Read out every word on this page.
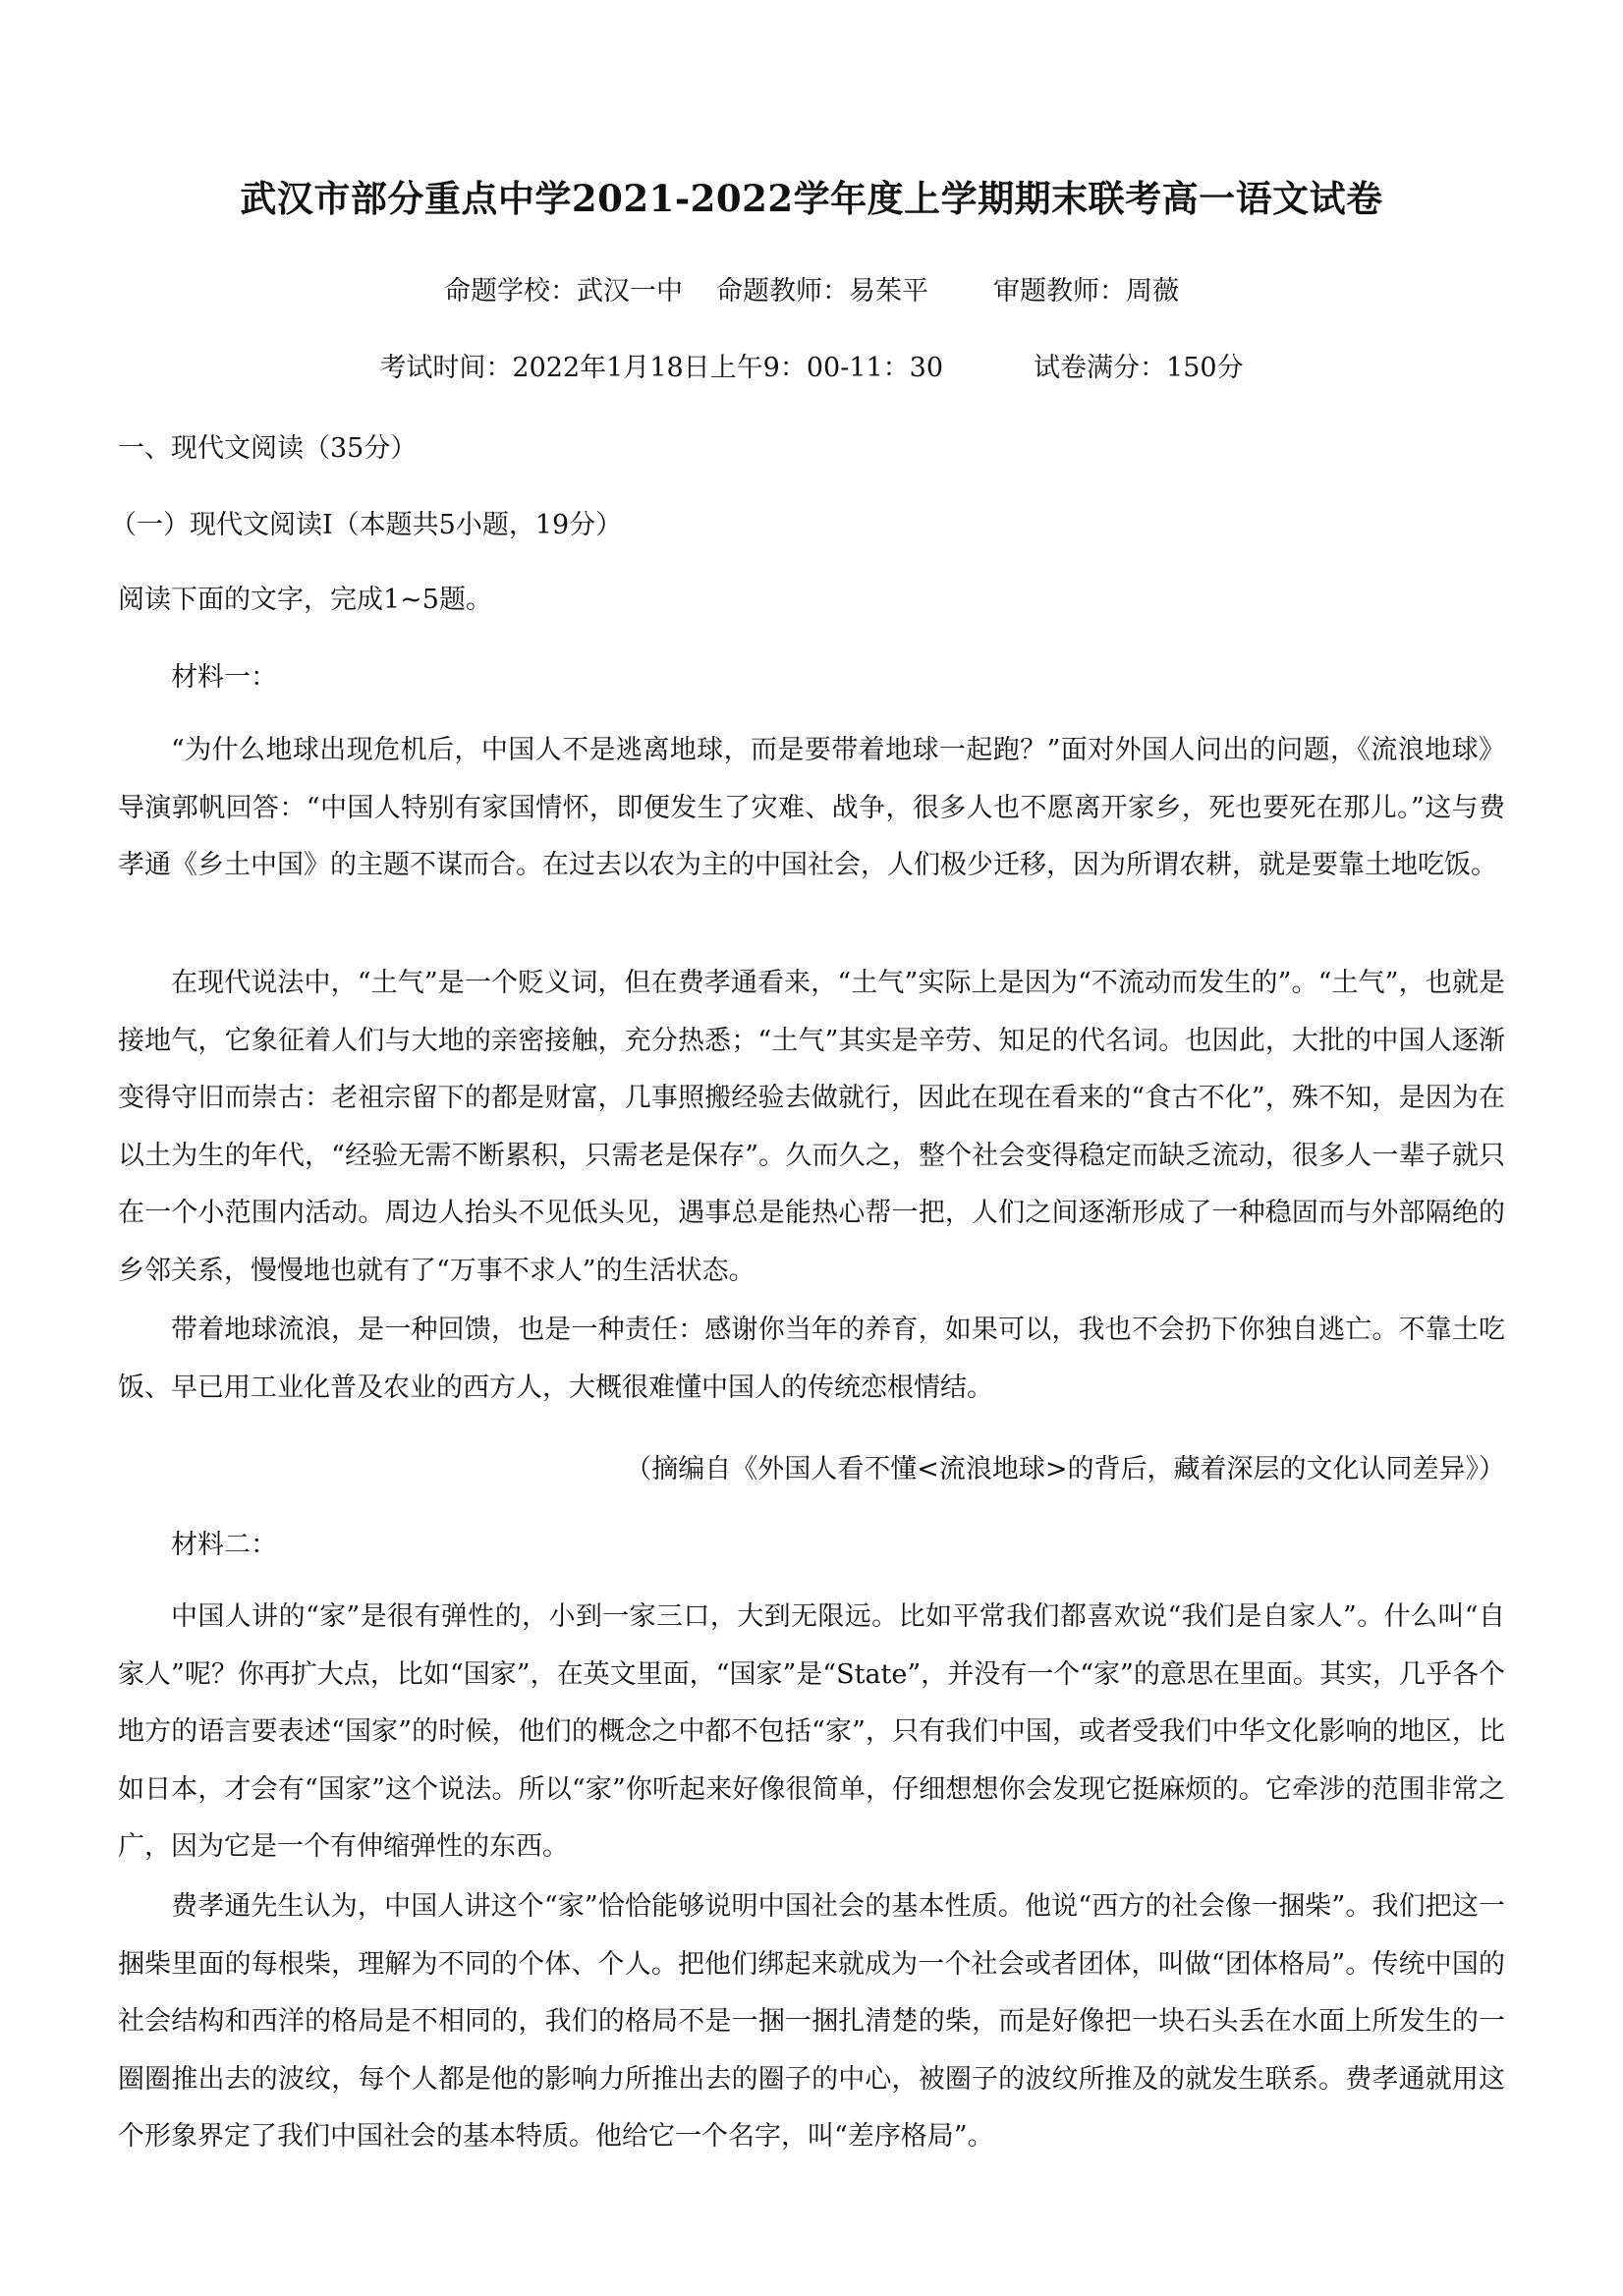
武汉市部分重点中学2021-2022学年度上学期期末联考高一语文试卷
命题学校：武汉一中 命题教师：易茱平 审题教师：周薇
考试时间：2022年1月18日上午9：00-11：30	试卷满分：150分
一、现代文阅读（35分）
（一）现代文阅读I（本题共5小题，19分）
阅读下面的文字，完成1~5题。
材料一：

“为什么地球出现危机后，中国人不是逃离地球，而是要带着地球一起跑？”面对外国人问出的问题，《流浪地球》导演郭帆回答：“中国人特别有家国情怀，即便发生了灾难、战争，很多人也不愿离开家乡，死也要死在那儿。”这与费孝通《乡土中国》的主题不谋而合。在过去以农为主的中国社会，人们极少迁移，因为所谓农耕，就是要靠土地吃饭。

在现代说法中，“土气”是一个贬义词，但在费孝通看来，“土气”实际上是因为“不流动而发生的”。“土气”，也就是接地气，它象征着人们与大地的亲密接触，充分热悉；“土气”其实是辛劳、知足的代名词。也因此，大批的中国人逐渐变得守旧而崇古：老祖宗留下的都是财富，几事照搬经验去做就行，因此在现在看来的“食古不化”，殊不知，是因为在以土为生的年代，“经验无需不断累积，只需老是保存”。久而久之，整个社会变得稳定而缺乏流动，很多人一辈子就只在一个小范围内活动。周边人抬头不见低头见，遇事总是能热心帮一把，人们之间逐渐形成了一种稳固而与外部隔绝的乡邻关系，慢慢地也就有了“万事不求人”的生活状态。

带着地球流浪，是一种回馈，也是一种责任：感谢你当年的养育，如果可以，我也不会扔下你独自逃亡。不靠土吃饭、早已用工业化普及农业的西方人，大概很难懂中国人的传统恋根情结。

（摘编自《外国人看不懂<流浪地球>的背后，藏着深层的文化认同差异》）
材料二：

中国人讲的“家”是很有弹性的，小到一家三口，大到无限远。比如平常我们都喜欢说“我们是自家人”。什么叫“自家人”呢？你再扩大点，比如“国家”，在英文里面，“国家”是“State”，并没有一个“家”的意思在里面。其实，几乎各个地方的语言要表述“国家”的时候，他们的概念之中都不包括“家”，只有我们中国，或者受我们中华文化影响的地区，比如日本，才会有“国家”这个说法。所以“家”你听起来好像很简单，仔细想想你会发现它挺麻烦的。它牵涉的范围非常之广，因为它是一个有伸缩弹性的东西。

费孝通先生认为，中国人讲这个“家”恰恰能够说明中国社会的基本性质。他说“西方的社会像一捆柴”。我们把这一捆柴里面的每根柴，理解为不同的个体、个人。把他们绑起来就成为一个社会或者团体，叫做“团体格局”。传统中国的社会结构和西洋的格局是不相同的，我们的格局不是一捆一捆扎清楚的柴，而是好像把一块石头丢在水面上所发生的一圈圈推出去的波纹，每个人都是他的影响力所推出去的圈子的中心，被圈子的波纹所推及的就发生联系。费孝通就用这个形象界定了我们中国社会的基本特质。他给它一个名字，叫“差序格局”。
